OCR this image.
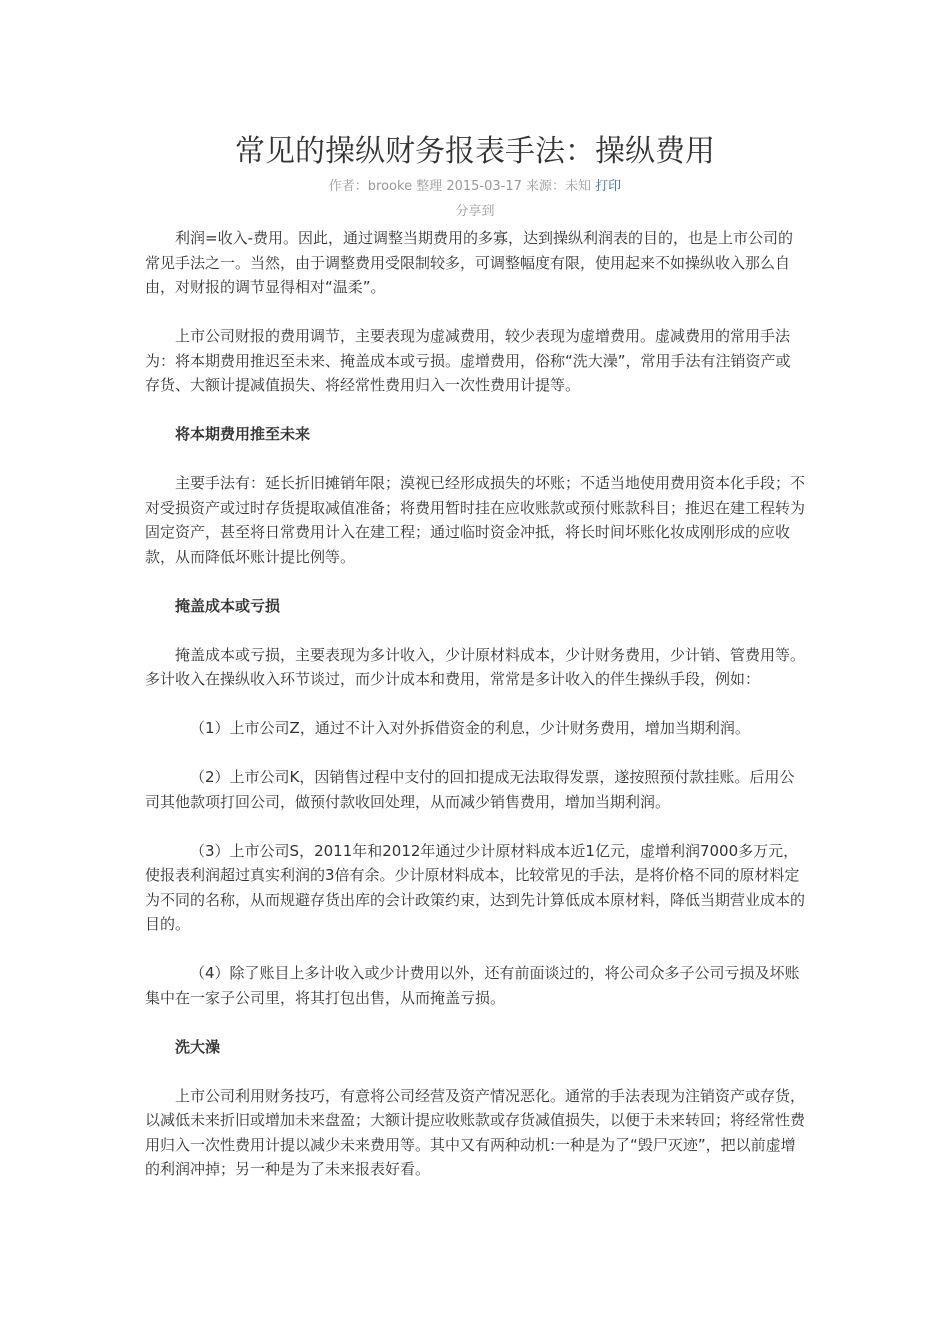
常见的操纵财务报表手法：操纵费用
作者：brooke 整理 2015-03-17 来源：未知 打印
分享到

利润=收入-费用。因此，通过调整当期费用的多寡，达到操纵利润表的目的，也是上市公司的常见手法之一。当然，由于调整费用受限制较多，可调整幅度有限，使用起来不如操纵收入那么自由，对财报的调节显得相对“温柔”。

上市公司财报的费用调节，主要表现为虚减费用，较少表现为虚增费用。虚减费用的常用手法为：将本期费用推迟至未来、掩盖成本或亏损。虚增费用，俗称“洗大澡”，常用手法有注销资产或存货、大额计提减值损失、将经常性费用归入一次性费用计提等。

将本期费用推至未来

主要手法有：延长折旧摊销年限；漠视已经形成损失的坏账；不适当地使用费用资本化手段；不对受损资产或过时存货提取减值准备；将费用暂时挂在应收账款或预付账款科目；推迟在建工程转为固定资产，甚至将日常费用计入在建工程；通过临时资金冲抵，将长时间坏账化妆成刚形成的应收款，从而降低坏账计提比例等。

掩盖成本或亏损

掩盖成本或亏损，主要表现为多计收入，少计原材料成本，少计财务费用，少计销、管费用等。多计收入在操纵收入环节谈过，而少计成本和费用，常常是多计收入的伴生操纵手段，例如：

（1）上市公司Z，通过不计入对外拆借资金的利息，少计财务费用，增加当期利润。

（2）上市公司K，因销售过程中支付的回扣提成无法取得发票，遂按照预付款挂账。后用公司其他款项打回公司，做预付款收回处理，从而减少销售费用，增加当期利润。

（3）上市公司S，2011年和2012年通过少计原材料成本近1亿元，虚增利润7000多万元，使报表利润超过真实利润的3倍有余。少计原材料成本，比较常见的手法，是将价格不同的原材料定为不同的名称，从而规避存货出库的会计政策约束，达到先计算低成本原材料，降低当期营业成本的目的。

（4）除了账目上多计收入或少计费用以外，还有前面谈过的，将公司众多子公司亏损及坏账集中在一家子公司里，将其打包出售，从而掩盖亏损。

洗大澡

上市公司利用财务技巧，有意将公司经营及资产情况恶化。通常的手法表现为注销资产或存货，以减低未来折旧或增加未来盘盈；大额计提应收账款或存货减值损失，以便于未来转回；将经常性费用归入一次性费用计提以减少未来费用等。其中又有两种动机:一种是为了“毁尸灭迹”，把以前虚增的利润冲掉；另一种是为了未来报表好看。
